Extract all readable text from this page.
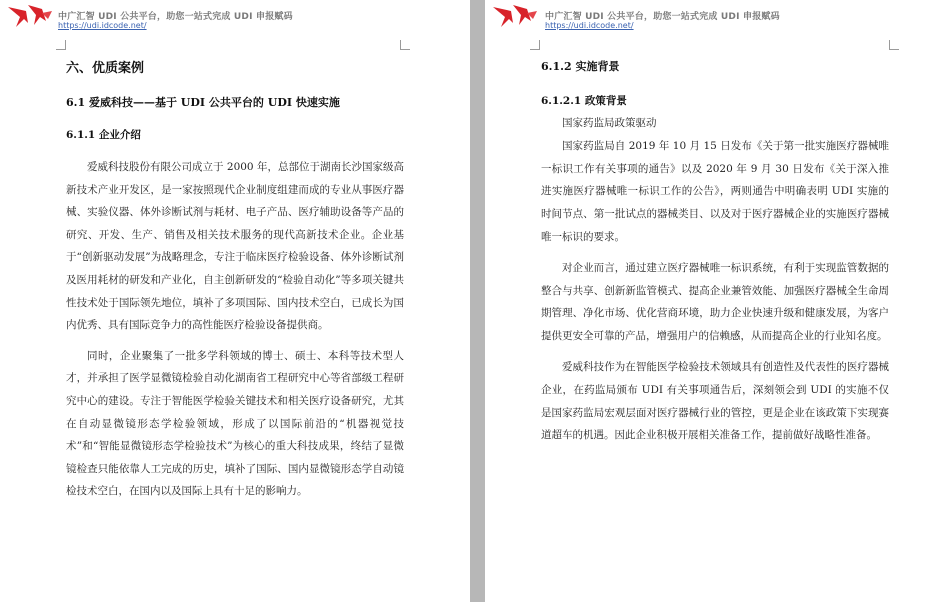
中广汇智 UDI 公共平台，助您一站式完成 UDI 申报赋码
https://udi.idcode.net/
六、优质案例
6.1 爱威科技——基于 UDI 公共平台的 UDI 快速实施
6.1.1 企业介绍

爱威科技股份有限公司成立于 2000 年，总部位于湖南长沙国家级高新技术产业开发区，是一家按照现代企业制度组建而成的专业从事医疗器械、实验仪器、体外诊断试剂与耗材、电子产品、医疗辅助设备等产品的研究、开发、生产、销售及相关技术服务的现代高新技术企业。企业基于“创新驱动发展”为战略理念，专注于临床医疗检验设备、体外诊断试剂及医用耗材的研发和产业化，自主创新研发的“检验自动化”等多项关键共性技术处于国际领先地位，填补了多项国际、国内技术空白，已成长为国内优秀、具有国际竞争力的高性能医疗检验设备提供商。

同时，企业聚集了一批多学科领域的博士、硕士、本科等技术型人才，并承担了医学显微镜检验自动化湖南省工程研究中心等省部级工程研究中心的建设。专注于智能医学检验关键技术和相关医疗设备研究，尤其在自动显微镜形态学检验领域，形成了以国际前沿的“机器视觉技术”和“智能显微镜形态学检验技术”为核心的重大科技成果，终结了显微镜检查只能依靠人工完成的历史，填补了国际、国内显微镜形态学自动镜检技术空白，在国内以及国际上具有十足的影响力。

中广汇智 UDI 公共平台，助您一站式完成 UDI 申报赋码
https://udi.idcode.net/
6.1.2 实施背景
6.1.2.1 政策背景

国家药监局政策驱动

国家药监局自 2019 年 10 月 15 日发布《关于第一批实施医疗器械唯一标识工作有关事项的通告》以及 2020 年 9 月 30 日发布《关于深入推进实施医疗器械唯一标识工作的公告》，两则通告中明确表明 UDI 实施的时间节点、第一批试点的器械类目、以及对于医疗器械企业的实施医疗器械唯一标识的要求。

对企业而言，通过建立医疗器械唯一标识系统，有利于实现监管数据的整合与共享、创新新监管模式、提高企业兼管效能、加强医疗器械全生命周期管理、净化市场、优化营商环境，助力企业快速升级和健康发展，为客户提供更安全可靠的产品，增强用户的信赖感，从而提高企业的行业知名度。

爱威科技作为在智能医学检验技术领域具有创造性及代表性的医疗器械企业，在药监局颁布 UDI 有关事项通告后，深刻领会到 UDI 的实施不仅是国家药监局宏观层面对医疗器械行业的管控，更是企业在该政策下实现赛道超车的机遇。因此企业积极开展相关准备工作，提前做好战略性准备。
